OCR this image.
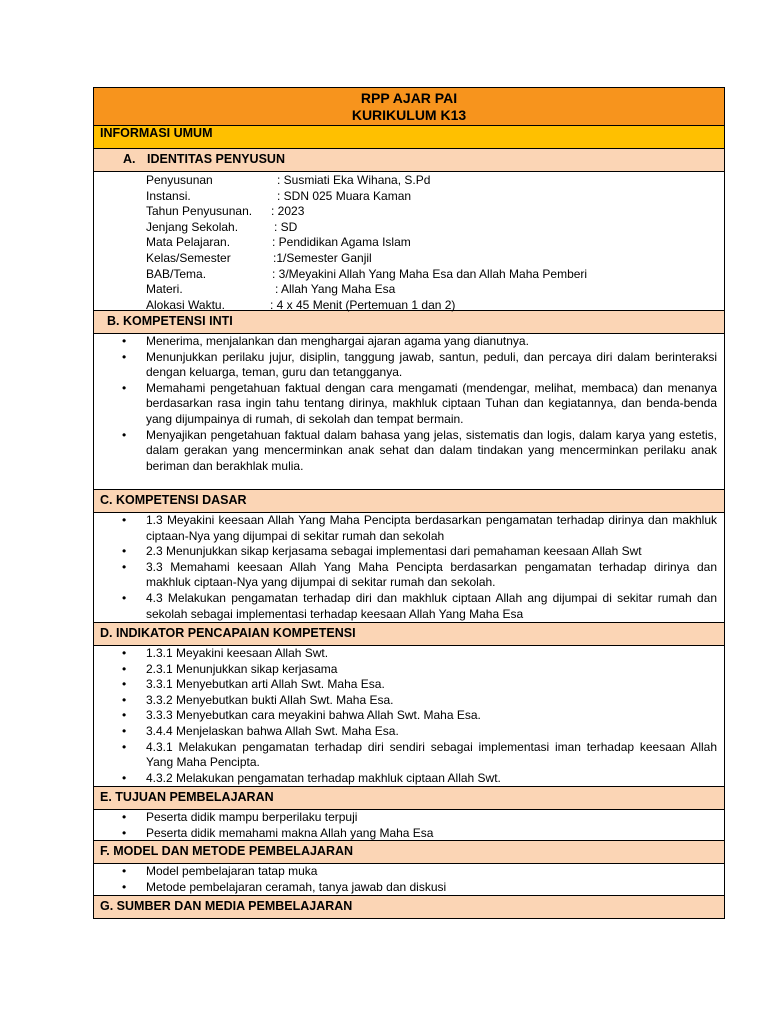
RPP AJAR PAI
KURIKULUM K13
INFORMASI UMUM
A. IDENTITAS PENYUSUN
Penyusunan	: Susmiati Eka Wihana, S.Pd
Instansi.	: SDN 025 Muara Kaman
Tahun Penyusunan.	: 2023
Jenjang Sekolah.	: SD
Mata Pelajaran.	: Pendidikan Agama Islam
Kelas/Semester	:1/Semester Ganjil
BAB/Tema.	: 3/Meyakini Allah Yang Maha Esa dan Allah Maha Pemberi
Materi.	: Allah Yang Maha Esa
Alokasi Waktu.	: 4 x 45 Menit (Pertemuan 1 dan 2)
B. KOMPETENSI INTI
• Menerima, menjalankan dan menghargai ajaran agama yang dianutnya.
• Menunjukkan perilaku jujur, disiplin, tanggung jawab, santun, peduli, dan percaya diri dalam berinteraksi dengan keluarga, teman, guru dan tetangganya.
• Memahami pengetahuan faktual dengan cara mengamati (mendengar, melihat, membaca) dan menanya berdasarkan rasa ingin tahu tentang dirinya, makhluk ciptaan Tuhan dan kegiatannya, dan benda-benda yang dijumpainya di rumah, di sekolah dan tempat bermain.
• Menyajikan pengetahuan faktual dalam bahasa yang jelas, sistematis dan logis, dalam karya yang estetis, dalam gerakan yang mencerminkan anak sehat dan dalam tindakan yang mencerminkan perilaku anak beriman dan berakhlak mulia.
C. KOMPETENSI DASAR
• 1.3 Meyakini keesaan Allah Yang Maha Pencipta berdasarkan pengamatan terhadap dirinya dan makhluk ciptaan-Nya yang dijumpai di sekitar rumah dan sekolah
• 2.3 Menunjukkan sikap kerjasama sebagai implementasi dari pemahaman keesaan Allah Swt
• 3.3 Memahami keesaan Allah Yang Maha Pencipta berdasarkan pengamatan terhadap dirinya dan makhluk ciptaan-Nya yang dijumpai di sekitar rumah dan sekolah.
• 4.3 Melakukan pengamatan terhadap diri dan makhluk ciptaan Allah ang dijumpai di sekitar rumah dan sekolah sebagai implementasi terhadap keesaan Allah Yang Maha Esa
D. INDIKATOR PENCAPAIAN KOMPETENSI
• 1.3.1 Meyakini keesaan Allah Swt.
• 2.3.1 Menunjukkan sikap kerjasama
• 3.3.1 Menyebutkan arti Allah Swt. Maha Esa.
• 3.3.2 Menyebutkan bukti Allah Swt. Maha Esa.
• 3.3.3 Menyebutkan cara meyakini bahwa Allah Swt. Maha Esa.
• 3.4.4 Menjelaskan bahwa Allah Swt. Maha Esa.
• 4.3.1 Melakukan pengamatan terhadap diri sendiri sebagai implementasi iman terhadap keesaan Allah Yang Maha Pencipta.
• 4.3.2 Melakukan pengamatan terhadap makhluk ciptaan Allah Swt.
E. TUJUAN PEMBELAJARAN
• Peserta didik mampu berperilaku terpuji
• Peserta didik memahami makna Allah yang Maha Esa
F. MODEL DAN METODE PEMBELAJARAN
• Model pembelajaran tatap muka
• Metode pembelajaran ceramah, tanya jawab dan diskusi
G. SUMBER DAN MEDIA PEMBELAJARAN
